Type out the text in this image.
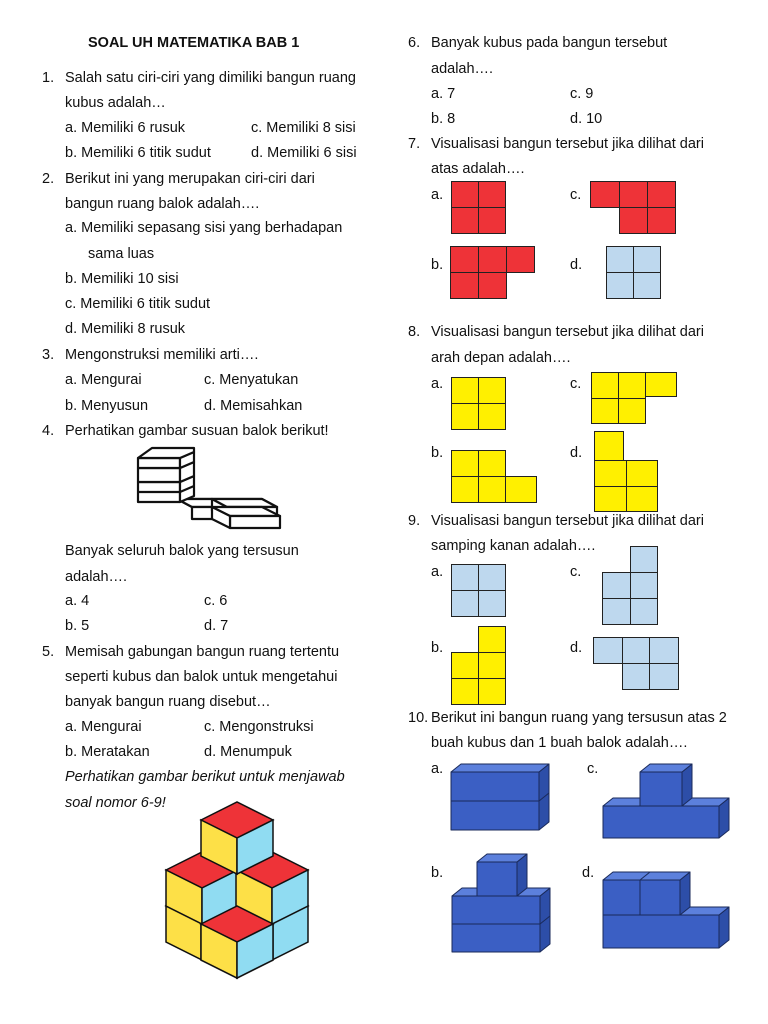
SOAL UH MATEMATIKA BAB 1
1. Salah satu ciri-ciri yang dimiliki bangun ruang
kubus adalah…
a. Memiliki 6 rusuk	c. Memiliki 8 sisi
b. Memiliki 6 titik sudut	d. Memiliki 6 sisi
2. Berikut ini yang merupakan ciri-ciri dari
bangun ruang balok adalah….
a. Memiliki sepasang sisi yang berhadapan
sama luas
b. Memiliki 10 sisi
c. Memiliki 6 titik sudut
d. Memiliki 8 rusuk
3. Mengonstruksi memiliki arti….
a. Mengurai	c. Menyatukan
b. Menyusun	d. Memisahkan
4. Perhatikan gambar susuan balok berikut!
Banyak seluruh balok yang tersusun
adalah….
a. 4	c. 6
b. 5	d. 7
5. Memisah gabungan bangun ruang tertentu
seperti kubus dan balok untuk mengetahui
banyak bangun ruang disebut…
a. Mengurai	c. Mengonstruksi
b. Meratakan	d. Menumpuk
Perhatikan gambar berikut untuk menjawab
soal nomor 6-9!
6. Banyak kubus pada bangun tersebut
adalah….
a. 7	c. 9
b. 8	d. 10
7. Visualisasi bangun tersebut jika dilihat dari
atas adalah….
a.	c.
b.	d.
8. Visualisasi bangun tersebut jika dilihat dari
arah depan adalah….
a.	c.
b.	d.
9. Visualisasi bangun tersebut jika dilihat dari
samping kanan adalah….
a.	c.
b.	d.
10. Berikut ini bangun ruang yang tersusun atas 2
buah kubus dan 1 buah balok adalah….
a.	c.
b.	d.
